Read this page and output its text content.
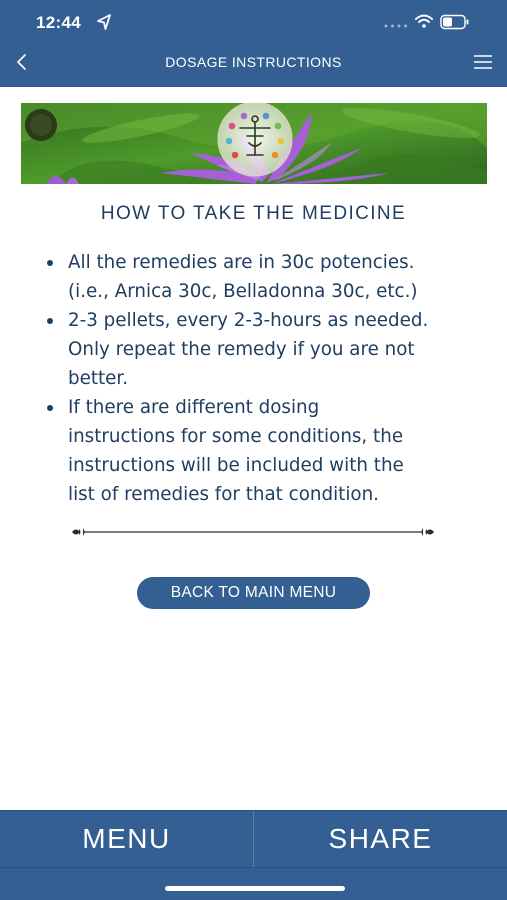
12:44
DOSAGE INSTRUCTIONS
HOW TO TAKE THE MEDICINE
All the remedies are in 30c potencies.
(i.e., Arnica 30c, Belladonna 30c, etc.)
2-3 pellets, every 2-3-hours as needed.
Only repeat the remedy if you are not
better.
If there are different dosing
instructions for some conditions, the
instructions will be included with the
list of remedies for that condition.
BACK TO MAIN MENU
MENU	SHARE
